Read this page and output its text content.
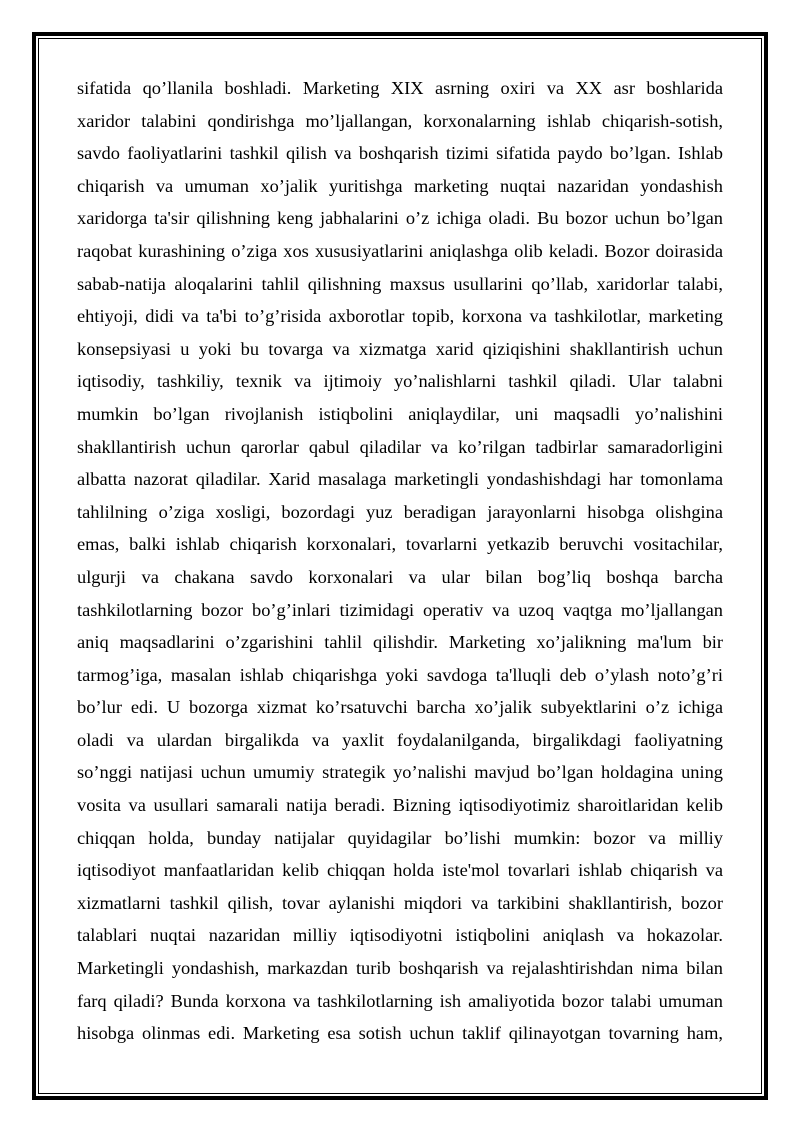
sifatida qo’llanila boshladi. Marketing XIX asrning oxiri va XX asr boshlarida
xaridor talabini qondirishga mo’ljallangan, korxonalarning ishlab chiqarish-sotish,
savdo faoliyatlarini tashkil qilish va boshqarish tizimi sifatida paydo bo’lgan. Ishlab
chiqarish va umuman xo’jalik yuritishga marketing nuqtai nazaridan yondashish
xaridorga ta'sir qilishning keng jabhalarini o’z ichiga oladi. Bu bozor uchun bo’lgan
raqobat kurashining o’ziga xos xususiyatlarini aniqlashga olib keladi. Bozor doirasida
sabab-natija aloqalarini tahlil qilishning maxsus usullarini qo’llab, xaridorlar talabi,
ehtiyoji, didi va ta'bi to’g’risida axborotlar topib, korxona va tashkilotlar, marketing
konsepsiyasi u yoki bu tovarga va xizmatga xarid qiziqishini shakllantirish uchun
iqtisodiy, tashkiliy, texnik va ijtimoiy yo’nalishlarni tashkil qiladi. Ular talabni
mumkin bo’lgan rivojlanish istiqbolini aniqlaydilar, uni maqsadli yo’nalishini
shakllantirish uchun qarorlar qabul qiladilar va ko’rilgan tadbirlar samaradorligini
albatta nazorat qiladilar. Xarid masalaga marketingli yondashishdagi har tomonlama
tahlilning o’ziga xosligi, bozordagi yuz beradigan jarayonlarni hisobga olishgina
emas, balki ishlab chiqarish korxonalari, tovarlarni yetkazib beruvchi vositachilar,
ulgurji va chakana savdo korxonalari va ular bilan bog’liq boshqa barcha
tashkilotlarning bozor bo’g’inlari tizimidagi operativ va uzoq vaqtga mo’ljallangan
aniq maqsadlarini o’zgarishini tahlil qilishdir. Marketing xo’jalikning ma'lum bir
tarmog’iga, masalan ishlab chiqarishga yoki savdoga ta'lluqli deb o’ylash noto’g’ri
bo’lur edi. U bozorga xizmat ko’rsatuvchi barcha xo’jalik subyektlarini o’z ichiga
oladi va ulardan birgalikda va yaxlit foydalanilganda, birgalikdagi faoliyatning
so’nggi natijasi uchun umumiy strategik yo’nalishi mavjud bo’lgan holdagina uning
vosita va usullari samarali natija beradi. Bizning iqtisodiyotimiz sharoitlaridan kelib
chiqqan holda, bunday natijalar quyidagilar bo’lishi mumkin: bozor va milliy
iqtisodiyot manfaatlaridan kelib chiqqan holda iste'mol tovarlari ishlab chiqarish va
xizmatlarni tashkil qilish, tovar aylanishi miqdori va tarkibini shakllantirish, bozor
talablari nuqtai nazaridan milliy iqtisodiyotni istiqbolini aniqlash va hokazolar.
Marketingli yondashish, markazdan turib boshqarish va rejalashtirishdan nima bilan
farq qiladi? Bunda korxona va tashkilotlarning ish amaliyotida bozor talabi umuman
hisobga olinmas edi. Marketing esa sotish uchun taklif qilinayotgan tovarning ham,
